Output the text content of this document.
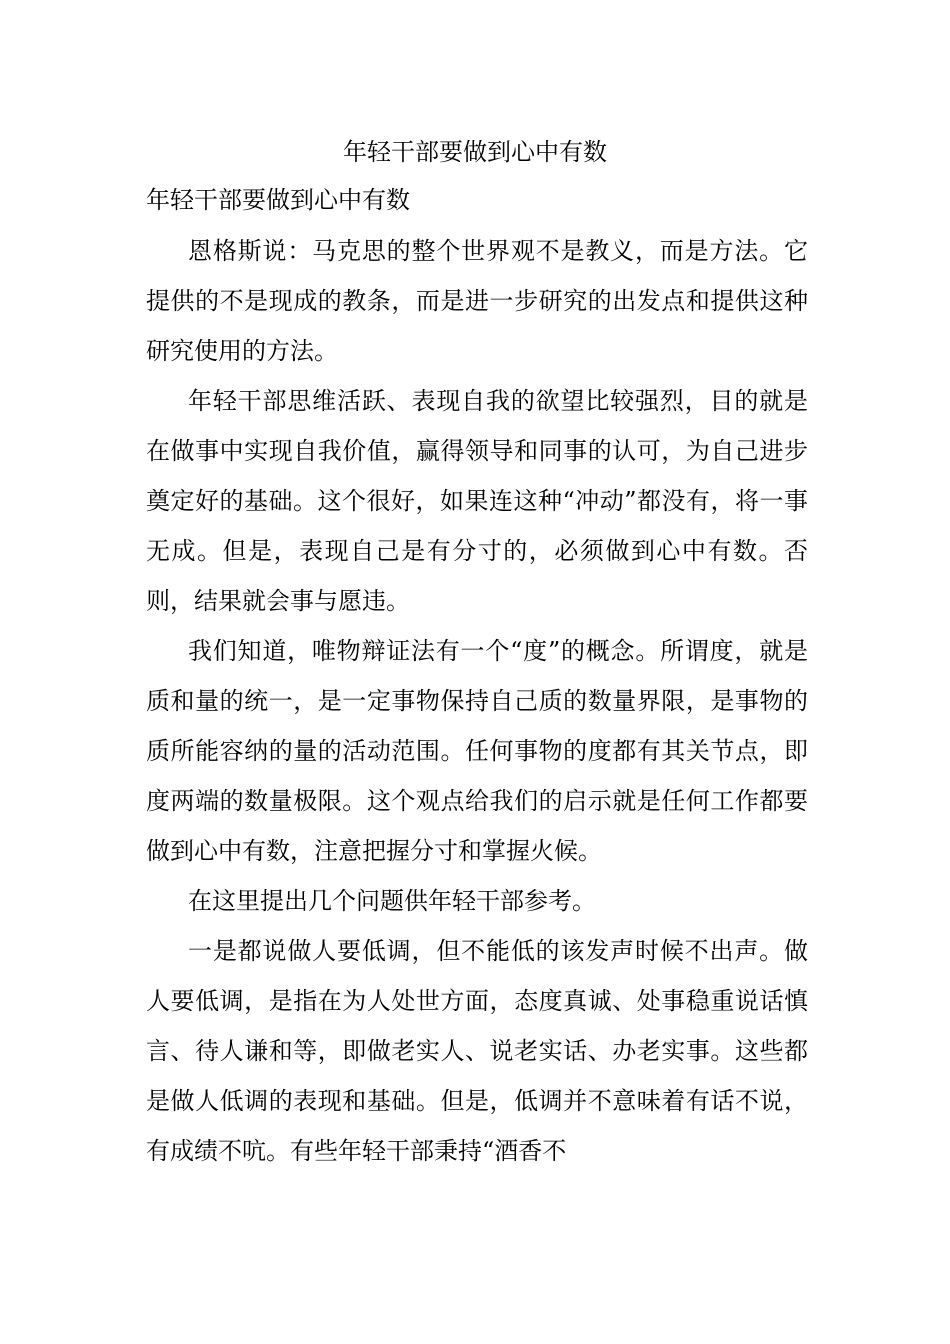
年轻干部要做到心中有数
年轻干部要做到心中有数

恩格斯说：马克思的整个世界观不是教义，而是方法。它提供的不是现成的教条，而是进一步研究的出发点和提供这种研究使用的方法。

年轻干部思维活跃、表现自我的欲望比较强烈，目的就是在做事中实现自我价值，赢得领导和同事的认可，为自己进步奠定好的基础。这个很好，如果连这种“冲动”都没有，将一事无成。但是，表现自己是有分寸的，必须做到心中有数。否则，结果就会事与愿违。

我们知道，唯物辩证法有一个“度”的概念。所谓度，就是质和量的统一，是一定事物保持自己质的数量界限，是事物的质所能容纳的量的活动范围。任何事物的度都有其关节点，即度两端的数量极限。这个观点给我们的启示就是任何工作都要做到心中有数，注意把握分寸和掌握火候。

在这里提出几个问题供年轻干部参考。

一是都说做人要低调，但不能低的该发声时候不出声。做人要低调，是指在为人处世方面，态度真诚、处事稳重说话慎言、待人谦和等，即做老实人、说老实话、办老实事。这些都是做人低调的表现和基础。但是，低调并不意味着有话不说，有成绩不吭。有些年轻干部秉持“酒香不
